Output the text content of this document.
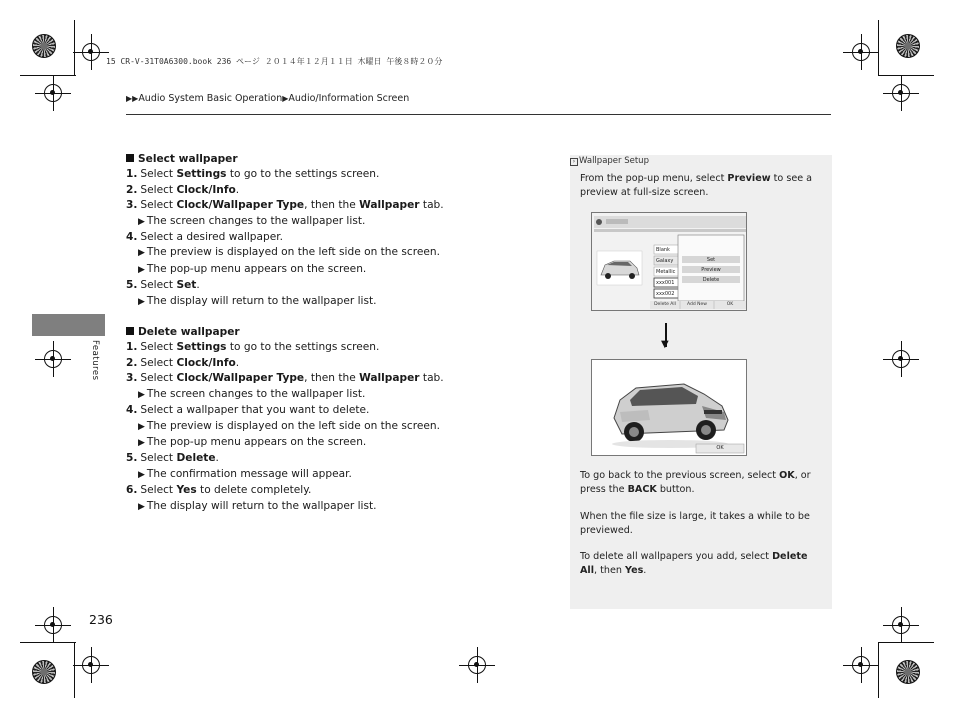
15 CR-V-31T0A6300.book 236 ページ ２０１４年１２月１１日 木曜日 午後８時２０分
▶▶Audio System Basic Operation▶Audio/Information Screen
Features
Select wallpaper
1. Select Settings to go to the settings screen.
2. Select Clock/Info.
3. Select Clock/Wallpaper Type, then the Wallpaper tab.
▶ The screen changes to the wallpaper list.
4. Select a desired wallpaper.
▶ The preview is displayed on the left side on the screen.
▶ The pop-up menu appears on the screen.
5. Select Set.
▶ The display will return to the wallpaper list.
Delete wallpaper
1. Select Settings to go to the settings screen.
2. Select Clock/Info.
3. Select Clock/Wallpaper Type, then the Wallpaper tab.
▶ The screen changes to the wallpaper list.
4. Select a wallpaper that you want to delete.
▶ The preview is displayed on the left side on the screen.
▶ The pop-up menu appears on the screen.
5. Select Delete.
▶ The confirmation message will appear.
6. Select Yes to delete completely.
▶ The display will return to the wallpaper list.
› Wallpaper Setup
From the pop-up menu, select Preview to see a preview at full-size screen.
Blank
Galaxy
Metallic
xxx001
xxx002
Set
Preview
Delete
Delete All	Add New	OK
▼
OK
To go back to the previous screen, select OK, or press the BACK button.
When the file size is large, it takes a while to be previewed.
To delete all wallpapers you add, select Delete All, then Yes.
236
